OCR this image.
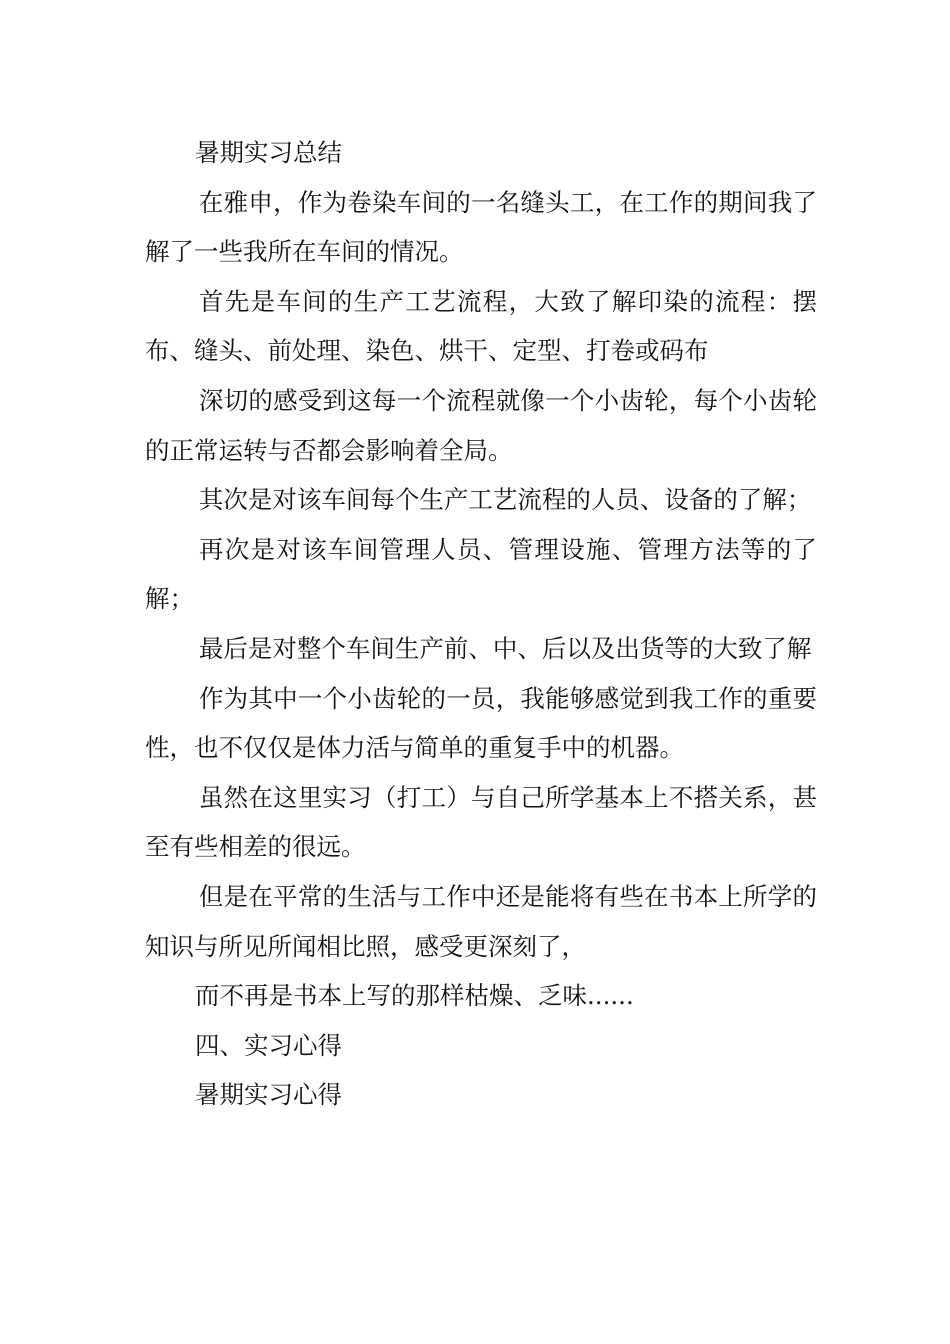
暑期实习总结

在雅申，作为卷染车间的一名缝头工，在工作的期间我了解了一些我所在车间的情况。

首先是车间的生产工艺流程，大致了解印染的流程：摆布、缝头、前处理、染色、烘干、定型、打卷或码布

深切的感受到这每一个流程就像一个小齿轮，每个小齿轮的正常运转与否都会影响着全局。

其次是对该车间每个生产工艺流程的人员、设备的了解；

再次是对该车间管理人员、管理设施、管理方法等的了解；

最后是对整个车间生产前、中、后以及出货等的大致了解

作为其中一个小齿轮的一员，我能够感觉到我工作的重要性，也不仅仅是体力活与简单的重复手中的机器。

虽然在这里实习（打工）与自己所学基本上不搭关系，甚至有些相差的很远。

但是在平常的生活与工作中还是能将有些在书本上所学的知识与所见所闻相比照，感受更深刻了，

而不再是书本上写的那样枯燥、乏味......

四、实习心得

暑期实习心得
